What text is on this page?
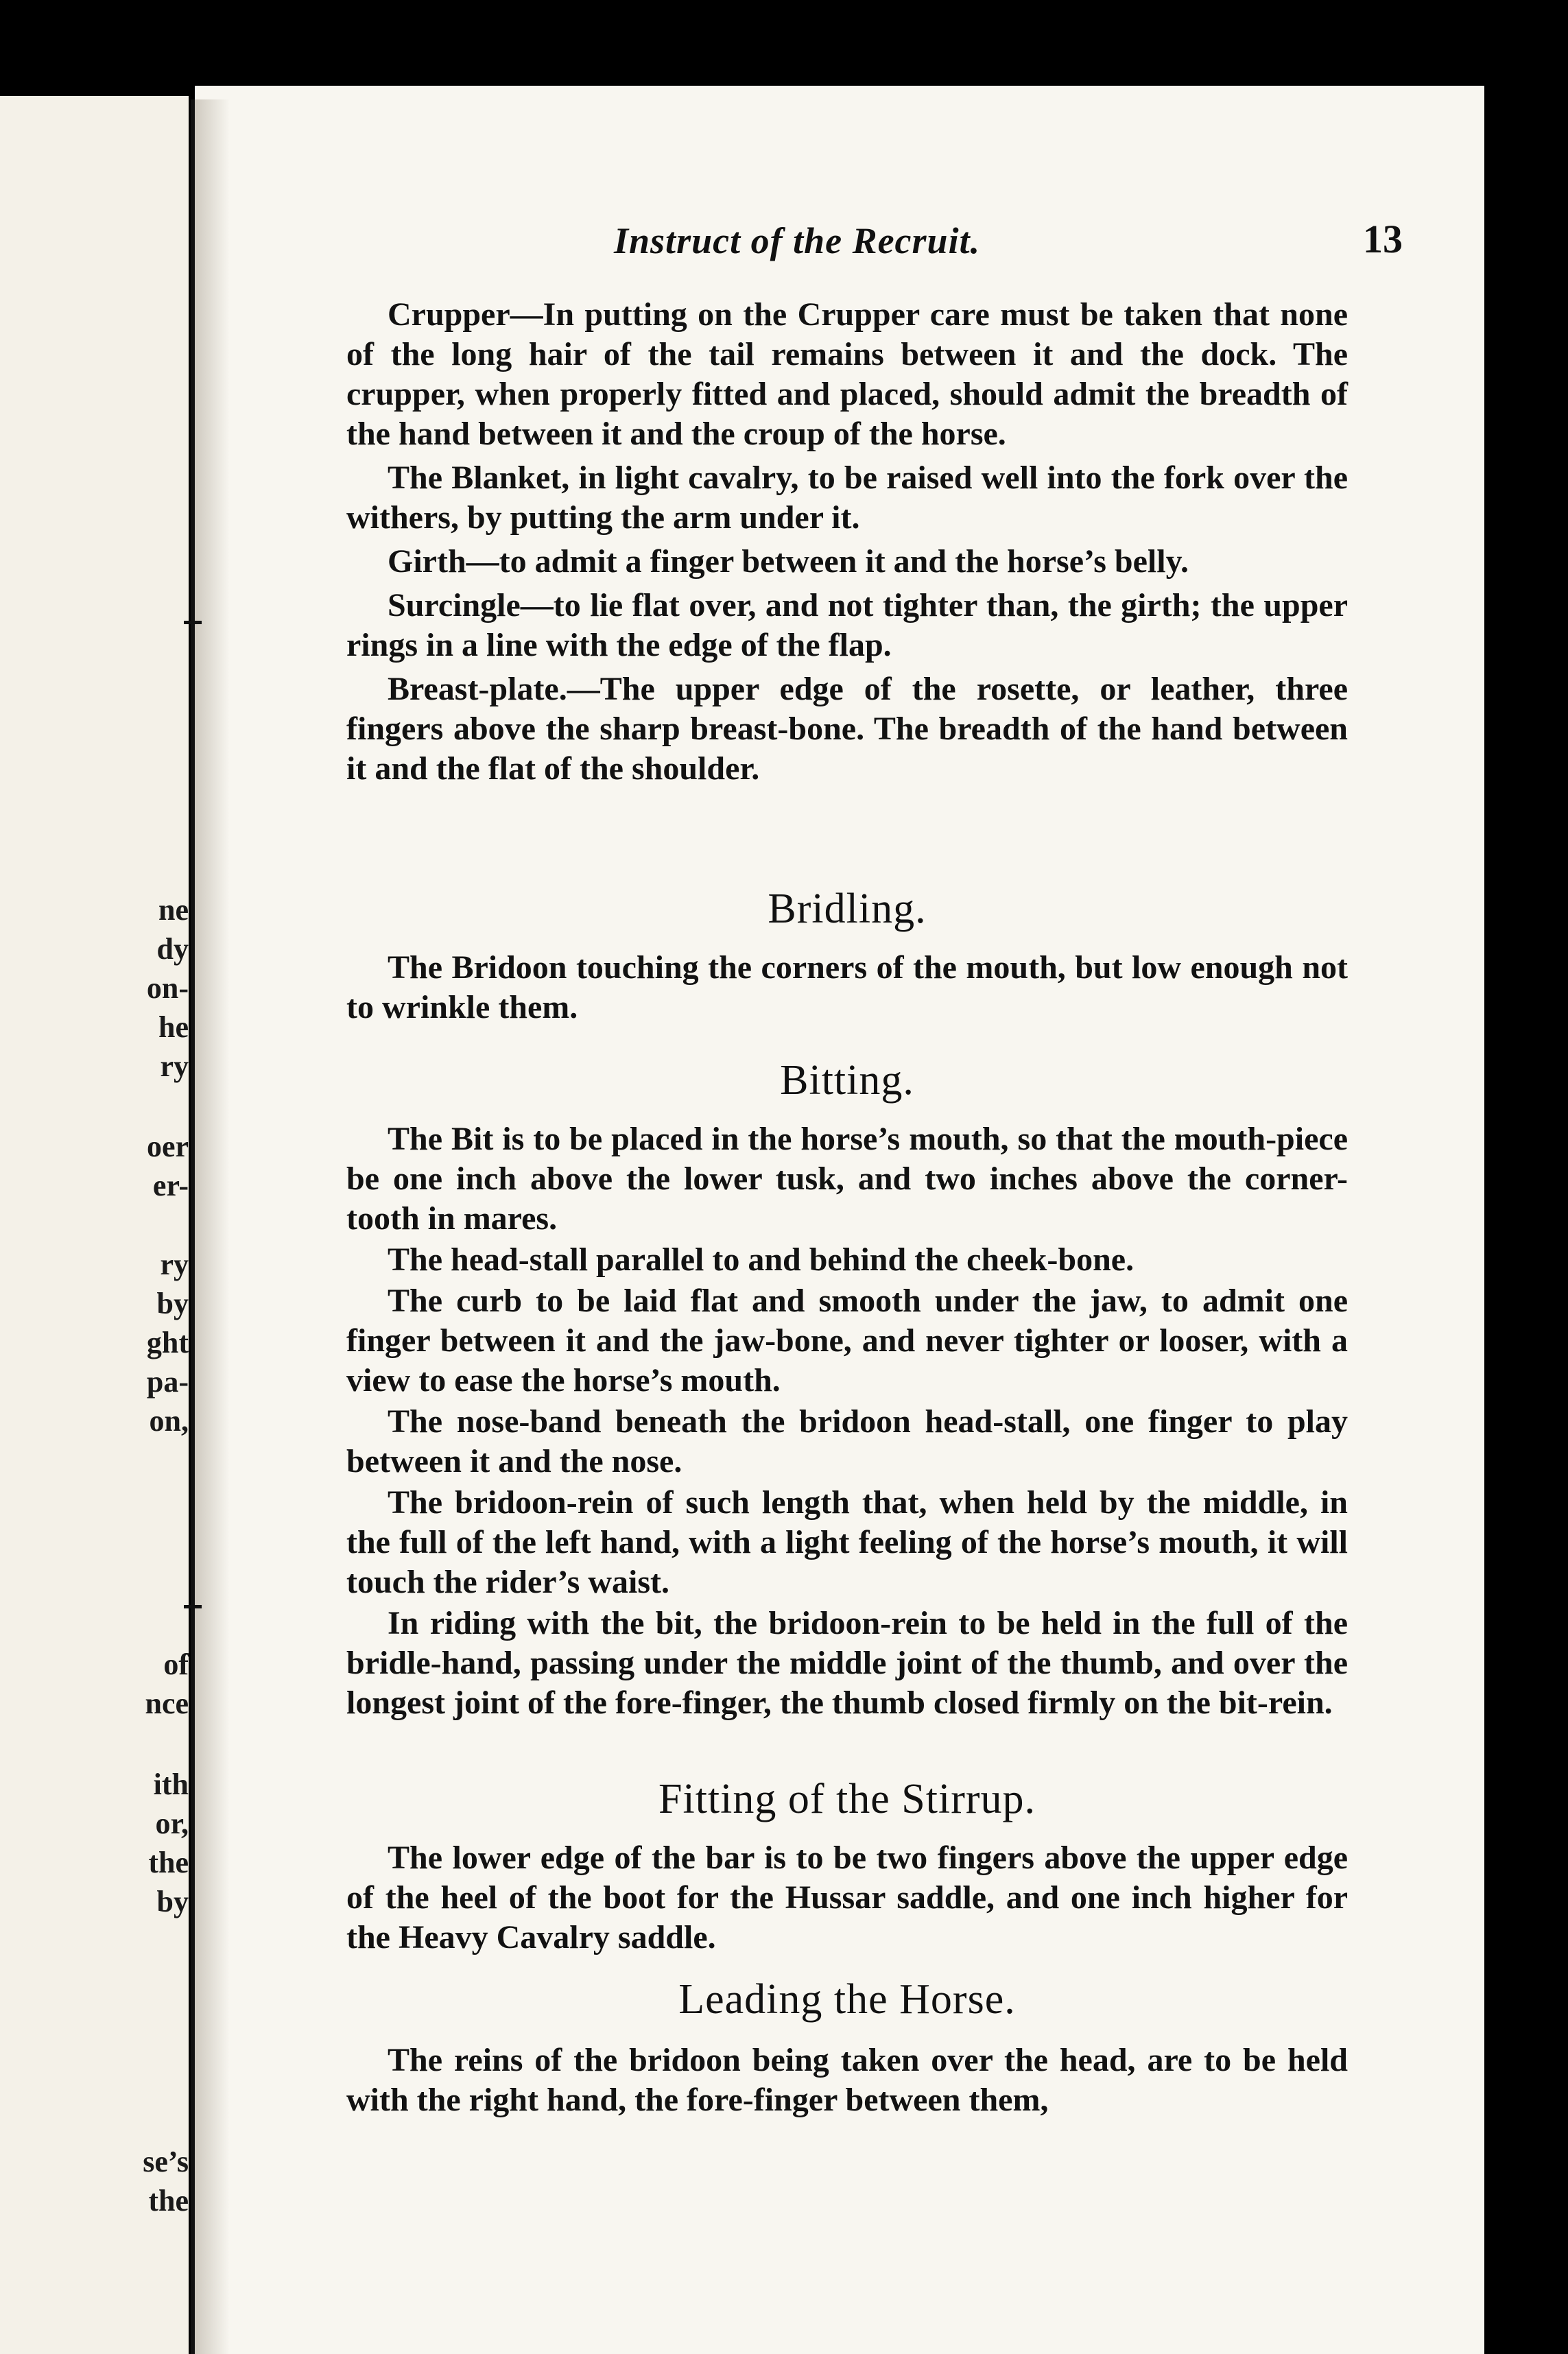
ne
dy
on-
he
ry
oer
er-
ry
by
ght
pa-
on,
of
nce
ith
or,
the
by
se’s
the
Instruct of the Recruit.	13

Crupper—In putting on the Crupper care must be taken that none of the long hair of the tail remains between it and the dock. The crupper, when properly fitted and placed, should admit the breadth of the hand between it and the croup of the horse.

The Blanket, in light cavalry, to be raised well into the fork over the withers, by putting the arm under it.

Girth—to admit a finger between it and the horse’s belly.

Surcingle—to lie flat over, and not tighter than, the girth; the upper rings in a line with the edge of the flap.

Breast-plate.—The upper edge of the rosette, or leather, three fingers above the sharp breast-bone. The breadth of the hand between it and the flat of the shoulder.

Bridling.

The Bridoon touching the corners of the mouth, but low enough not to wrinkle them.

Bitting.

The Bit is to be placed in the horse’s mouth, so that the mouth-piece be one inch above the lower tusk, and two inches above the corner-tooth in mares.

The head-stall parallel to and behind the cheek-bone.

The curb to be laid flat and smooth under the jaw, to admit one finger between it and the jaw-bone, and never tighter or looser, with a view to ease the horse’s mouth.

The nose-band beneath the bridoon head-stall, one finger to play between it and the nose.

The bridoon-rein of such length that, when held by the middle, in the full of the left hand, with a light feeling of the horse’s mouth, it will touch the rider’s waist.

In riding with the bit, the bridoon-rein to be held in the full of the bridle-hand, passing under the middle joint of the thumb, and over the longest joint of the fore-finger, the thumb closed firmly on the bit-rein.

Fitting of the Stirrup.

The lower edge of the bar is to be two fingers above the upper edge of the heel of the boot for the Hussar saddle, and one inch higher for the Heavy Cavalry saddle.

Leading the Horse.

The reins of the bridoon being taken over the head, are to be held with the right hand, the fore-finger between them,
